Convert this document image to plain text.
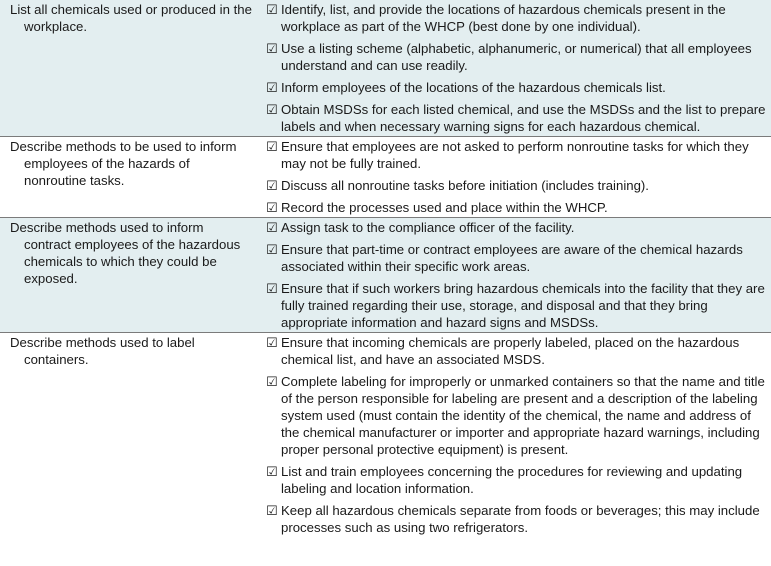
List all chemicals used or produced in the workplace.
☑ Identify, list, and provide the locations of hazardous chemicals present in the workplace as part of the WHCP (best done by one individual).
☑ Use a listing scheme (alphabetic, alphanumeric, or numerical) that all employees understand and can use readily.
☑ Inform employees of the locations of the hazardous chemicals list.
☑ Obtain MSDSs for each listed chemical, and use the MSDSs and the list to prepare labels and when necessary warning signs for each hazardous chemical.
Describe methods to be used to inform employees of the hazards of nonroutine tasks.
☑ Ensure that employees are not asked to perform nonroutine tasks for which they may not be fully trained.
☑ Discuss all nonroutine tasks before initiation (includes training).
☑ Record the processes used and place within the WHCP.
Describe methods used to inform contract employees of the hazardous chemicals to which they could be exposed.
☑ Assign task to the compliance officer of the facility.
☑ Ensure that part-time or contract employees are aware of the chemical hazards associated within their specific work areas.
☑ Ensure that if such workers bring hazardous chemicals into the facility that they are fully trained regarding their use, storage, and disposal and that they bring appropriate information and hazard signs and MSDSs.
Describe methods used to label containers.
☑ Ensure that incoming chemicals are properly labeled, placed on the hazardous chemical list, and have an associated MSDS.
☑ Complete labeling for improperly or unmarked containers so that the name and title of the person responsible for labeling are present and a description of the labeling system used (must contain the identity of the chemical, the name and address of the chemical manufacturer or importer and appropriate hazard warnings, including proper personal protective equipment) is present.
☑ List and train employees concerning the procedures for reviewing and updating labeling and location information.
☑ Keep all hazardous chemicals separate from foods or beverages; this may include processes such as using two refrigerators.
